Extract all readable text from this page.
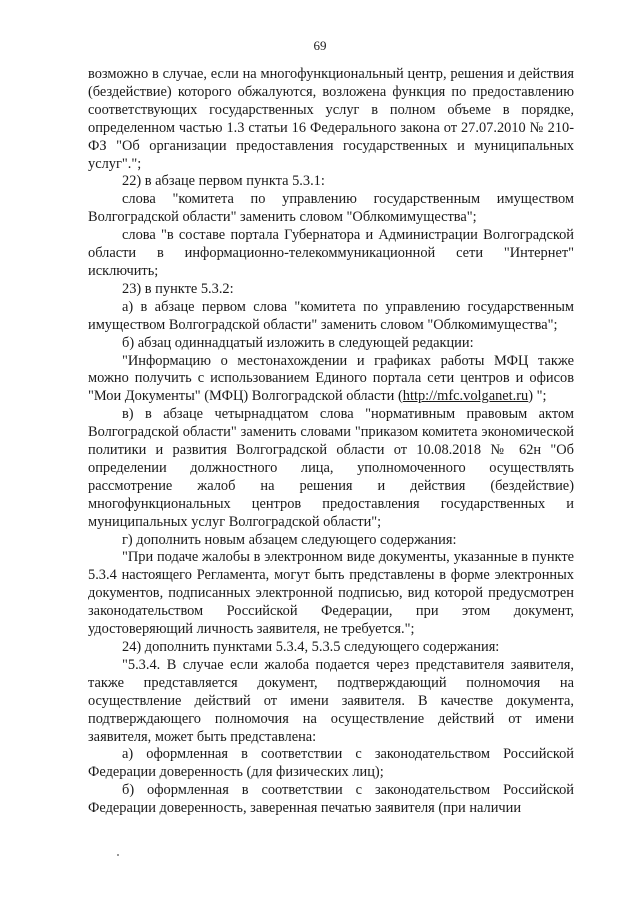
69

возможно в случае, если на многофункциональный центр, решения и действия (бездействие) которого обжалуются, возложена функция по предоставлению соответствующих государственных услуг в полном объеме в порядке, определенном частью 1.3 статьи 16 Федерального закона от 27.07.2010 № 210-ФЗ "Об организации предоставления государственных и муниципальных услуг".";

22) в абзаце первом пункта 5.3.1:

слова "комитета по управлению государственным имуществом Волгоградской области" заменить словом "Облкомимущества";

слова "в составе портала Губернатора и Администрации Волгоградской области в информационно-телекоммуникационной сети "Интернет" исключить;

23) в пункте 5.3.2:

а) в абзаце первом слова "комитета по управлению государственным имуществом Волгоградской области" заменить словом "Облкомимущества";

б) абзац одиннадцатый изложить в следующей редакции:

"Информацию о местонахождении и графиках работы МФЦ также можно получить с использованием Единого портала сети центров и офисов "Мои Документы" (МФЦ) Волгоградской области (http://mfc.volganet.ru) ";

в) в абзаце четырнадцатом слова "нормативным правовым актом Волгоградской области" заменить словами "приказом комитета экономической политики и развития Волгоградской области от 10.08.2018 № 62н "Об определении должностного лица, уполномоченного осуществлять рассмотрение жалоб на решения и действия (бездействие) многофункциональных центров предоставления государственных и муниципальных услуг Волгоградской области";

г) дополнить новым абзацем следующего содержания:

"При подаче жалобы в электронном виде документы, указанные в пункте 5.3.4 настоящего Регламента, могут быть представлены в форме электронных документов, подписанных электронной подписью, вид которой предусмотрен законодательством Российской Федерации, при этом документ, удостоверяющий личность заявителя, не требуется.";

24) дополнить пунктами 5.3.4, 5.3.5 следующего содержания:

"5.3.4. В случае если жалоба подается через представителя заявителя, также представляется документ, подтверждающий полномочия на осуществление действий от имени заявителя. В качестве документа, подтверждающего полномочия на осуществление действий от имени заявителя, может быть представлена:

а) оформленная в соответствии с законодательством Российской Федерации доверенность (для физических лиц);

б) оформленная в соответствии с законодательством Российской Федерации доверенность, заверенная печатью заявителя (при наличии
